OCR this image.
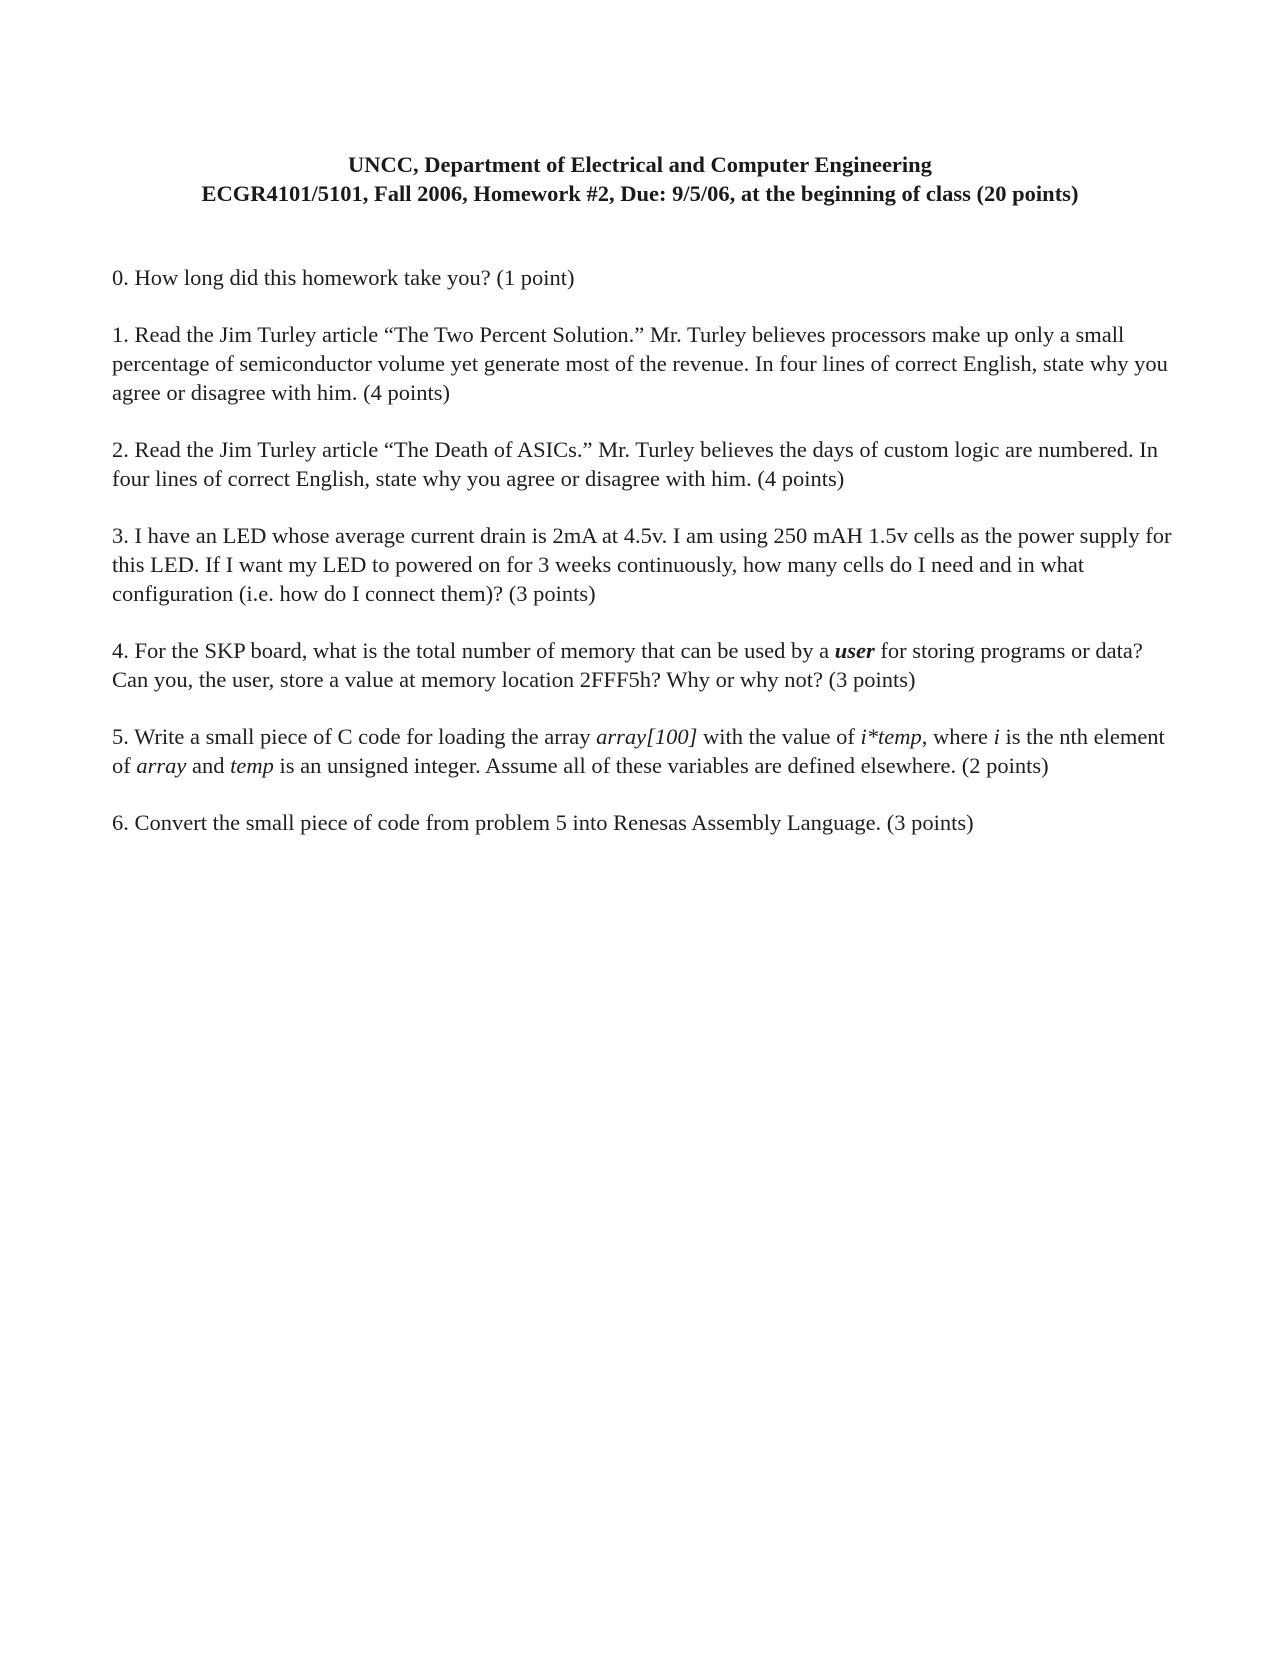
UNCC, Department of Electrical and Computer Engineering
ECGR4101/5101, Fall 2006, Homework #2, Due: 9/5/06, at the beginning of class (20 points)

0. How long did this homework take you? (1 point)

1. Read the Jim Turley article “The Two Percent Solution.” Mr. Turley believes processors make up only a small percentage of semiconductor volume yet generate most of the revenue. In four lines of correct English, state why you agree or disagree with him. (4 points)

2. Read the Jim Turley article “The Death of ASICs.” Mr. Turley believes the days of custom logic are numbered. In four lines of correct English, state why you agree or disagree with him. (4 points)

3. I have an LED whose average current drain is 2mA at 4.5v. I am using 250 mAH 1.5v cells as the power supply for this LED. If I want my LED to powered on for 3 weeks continuously, how many cells do I need and in what configuration (i.e. how do I connect them)? (3 points)

4. For the SKP board, what is the total number of memory that can be used by a user for storing programs or data? Can you, the user, store a value at memory location 2FFF5h? Why or why not? (3 points)

5. Write a small piece of C code for loading the array array[100] with the value of i*temp, where i is the nth element of array and temp is an unsigned integer. Assume all of these variables are defined elsewhere. (2 points)

6. Convert the small piece of code from problem 5 into Renesas Assembly Language. (3 points)
